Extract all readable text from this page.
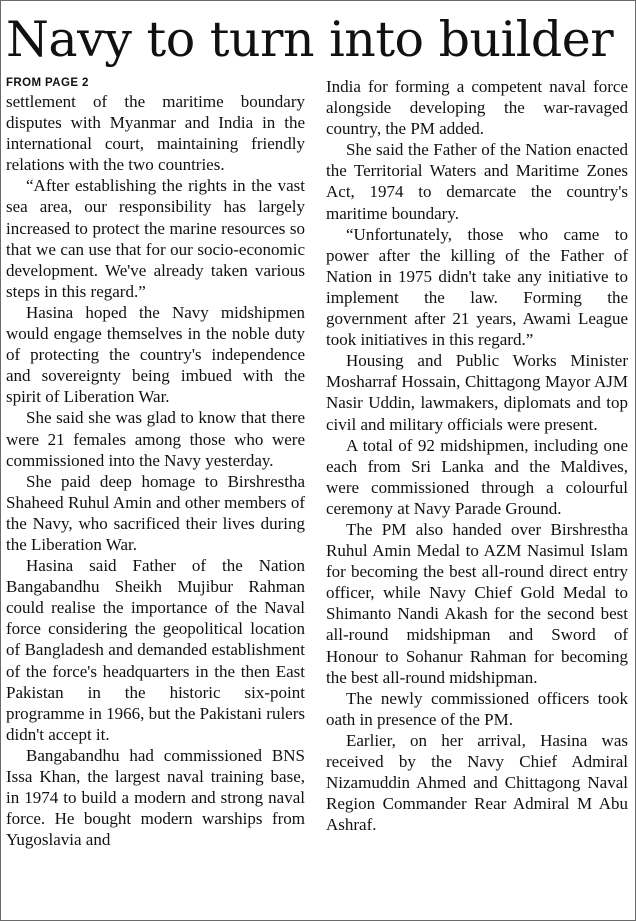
Navy to turn into builder
FROM PAGE 2

settlement of the maritime boundary disputes with Myanmar and India in the international court, maintaining friendly relations with the two countries.

“After establishing the rights in the vast sea area, our responsibility has largely increased to protect the marine resources so that we can use that for our socio-economic development. We've already taken various steps in this regard.”

Hasina hoped the Navy midshipmen would engage themselves in the noble duty of protecting the country's independence and sovereignty being imbued with the spirit of Liberation War.

She said she was glad to know that there were 21 females among those who were commissioned into the Navy yesterday.

She paid deep homage to Birshrestha Shaheed Ruhul Amin and other members of the Navy, who sacrificed their lives during the Liberation War.

Hasina said Father of the Nation Bangabandhu Sheikh Mujibur Rahman could realise the importance of the Naval force considering the geopolitical location of Bangladesh and demanded establishment of the force's headquarters in the then East Pakistan in the historic six-point programme in 1966, but the Pakistani rulers didn't accept it.

Bangabandhu had commissioned BNS Issa Khan, the largest naval training base, in 1974 to build a modern and strong naval force. He bought modern warships from Yugoslavia and

India for forming a competent naval force alongside developing the war-ravaged country, the PM added.

She said the Father of the Nation enacted the Territorial Waters and Maritime Zones Act, 1974 to demarcate the country's maritime boundary.

“Unfortunately, those who came to power after the killing of the Father of Nation in 1975 didn't take any initiative to implement the law. Forming the government after 21 years, Awami League took initiatives in this regard.”

Housing and Public Works Minister Mosharraf Hossain, Chittagong Mayor AJM Nasir Uddin, lawmakers, diplomats and top civil and military officials were present.

A total of 92 midshipmen, including one each from Sri Lanka and the Maldives, were commissioned through a colourful ceremony at Navy Parade Ground.

The PM also handed over Birshrestha Ruhul Amin Medal to AZM Nasimul Islam for becoming the best all-round direct entry officer, while Navy Chief Gold Medal to Shimanto Nandi Akash for the second best all-round midshipman and Sword of Honour to Sohanur Rahman for becoming the best all-round midshipman.

The newly commissioned officers took oath in presence of the PM.

Earlier, on her arrival, Hasina was received by the Navy Chief Admiral Nizamuddin Ahmed and Chittagong Naval Region Commander Rear Admiral M Abu Ashraf.
